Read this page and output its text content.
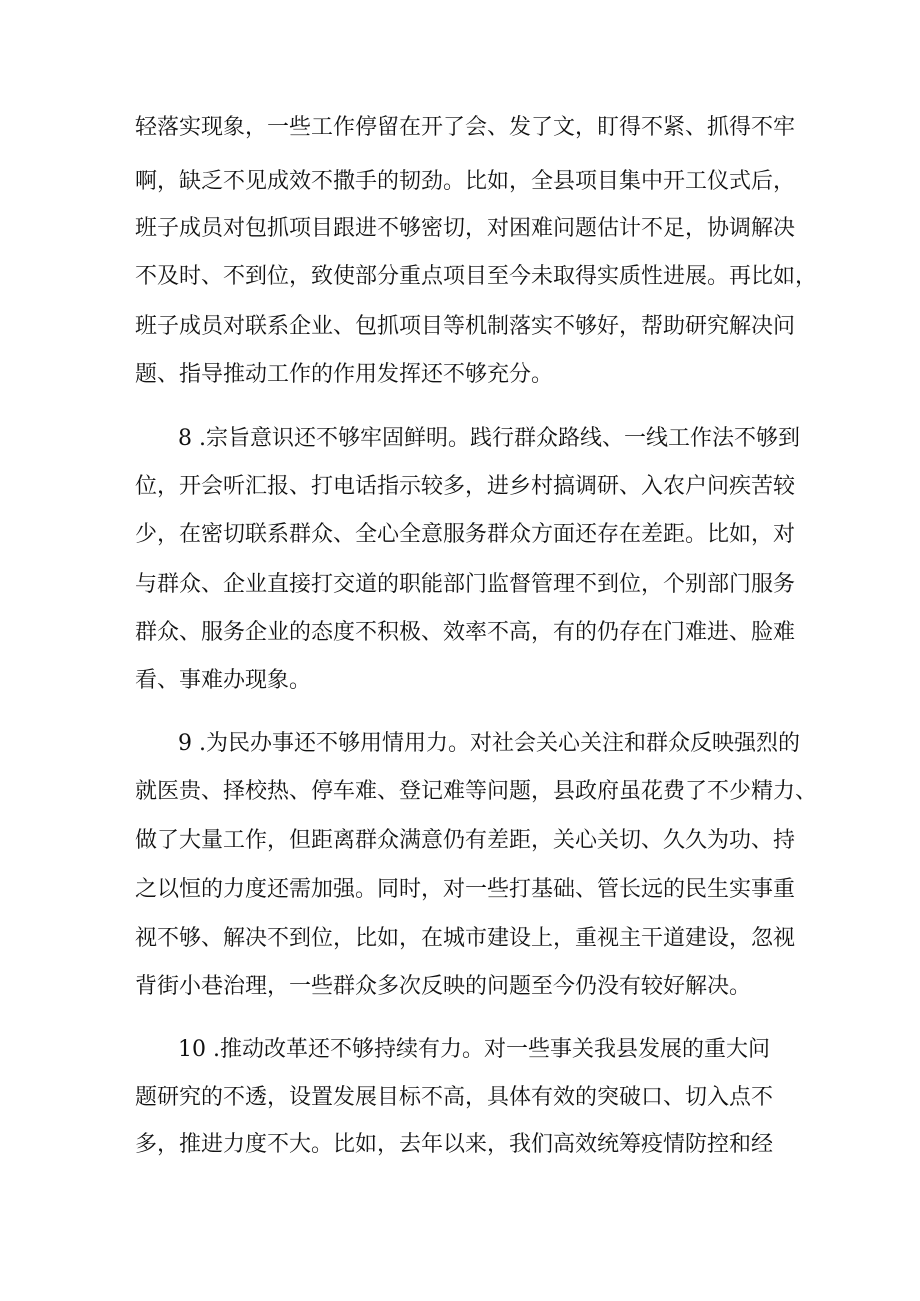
轻落实现象，一些工作停留在开了会、发了文，盯得不紧、抓得不牢
啊，缺乏不见成效不撒手的韧劲。比如，全县项目集中开工仪式后，
班子成员对包抓项目跟进不够密切，对困难问题估计不足，协调解决
不及时、不到位，致使部分重点项目至今未取得实质性进展。再比如，
班子成员对联系企业、包抓项目等机制落实不够好，帮助研究解决问
题、指导推动工作的作用发挥还不够充分。
8 .宗旨意识还不够牢固鲜明。践行群众路线、一线工作法不够到
位，开会听汇报、打电话指示较多，进乡村搞调研、入农户问疾苦较
少，在密切联系群众、全心全意服务群众方面还存在差距。比如，对
与群众、企业直接打交道的职能部门监督管理不到位，个别部门服务
群众、服务企业的态度不积极、效率不高，有的仍存在门难进、脸难
看、事难办现象。
9 .为民办事还不够用情用力。对社会关心关注和群众反映强烈的
就医贵、择校热、停车难、登记难等问题，县政府虽花费了不少精力、
做了大量工作，但距离群众满意仍有差距，关心关切、久久为功、持
之以恒的力度还需加强。同时，对一些打基础、管长远的民生实事重
视不够、解决不到位，比如，在城市建设上，重视主干道建设，忽视
背街小巷治理，一些群众多次反映的问题至今仍没有较好解决。
10 .推动改革还不够持续有力。对一些事关我县发展的重大问
题研究的不透，设置发展目标不高，具体有效的突破口、切入点不
多，推进力度不大。比如，去年以来，我们高效统筹疫情防控和经
